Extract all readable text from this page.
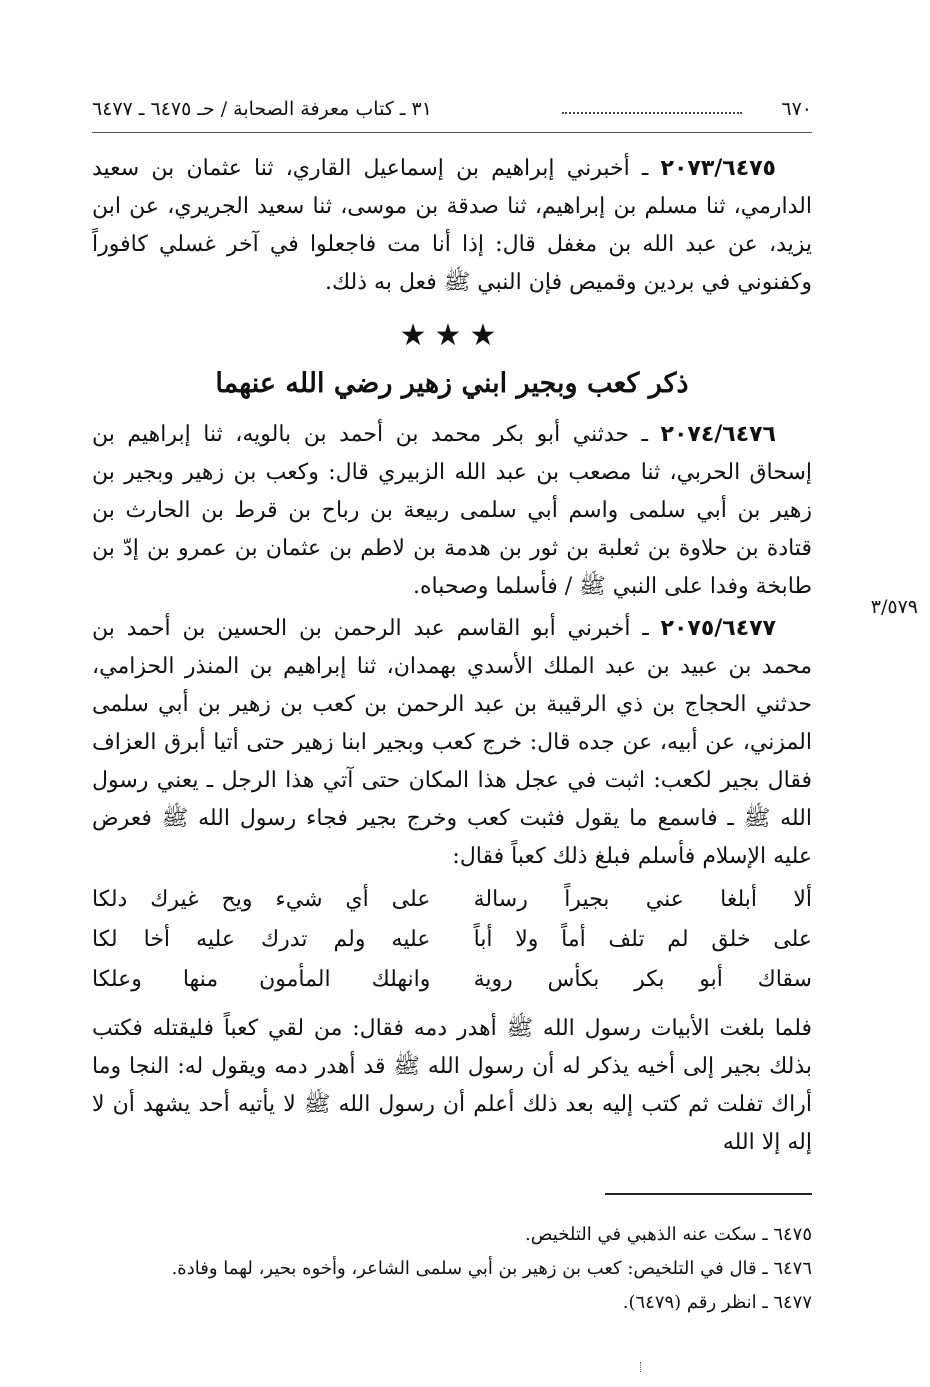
٦٧٠
٣١ ـ كتاب معرفة الصحابة / حـ ٦٤٧٥ ـ ٦٤٧٧

٢٠٧٣/٦٤٧٥ ـ أخبرني إبراهيم بن إسماعيل القاري، ثنا عثمان بن سعيد الدارمي، ثنا مسلم بن إبراهيم، ثنا صدقة بن موسى، ثنا سعيد الجريري، عن ابن يزيد، عن عبد الله بن مغفل قال: إذا أنا مت فاجعلوا في آخر غسلي كافوراً وكفنوني في بردين وقميص فإن النبي ﷺ فعل به ذلك.

★★★
ذكر كعب وبجير ابني زهير رضي الله عنهما

٢٠٧٤/٦٤٧٦ ـ حدثني أبو بكر محمد بن أحمد بن بالويه، ثنا إبراهيم بن إسحاق الحربي، ثنا مصعب بن عبد الله الزبيري قال: وكعب بن زهير وبجير بن زهير بن أبي سلمى واسم أبي سلمى ربيعة بن رباح بن قرط بن الحارث بن قتادة بن حلاوة بن ثعلبة بن ثور بن هدمة بن لاطم بن عثمان بن عمرو بن إدّ بن طابخة وفدا على النبي ﷺ / فأسلما وصحباه.

٢٠٧٥/٦٤٧٧ ـ أخبرني أبو القاسم عبد الرحمن بن الحسين بن أحمد بن محمد بن عبيد بن عبد الملك الأسدي بهمدان، ثنا إبراهيم بن المنذر الحزامي، حدثني الحجاج بن ذي الرقيبة بن عبد الرحمن بن كعب بن زهير بن أبي سلمى المزني، عن أبيه، عن جده قال: خرج كعب وبجير ابنا زهير حتى أتيا أبرق العزاف فقال بجير لكعب: اثبت في عجل هذا المكان حتى آتي هذا الرجل ـ يعني رسول الله ﷺ ـ فاسمع ما يقول فثبت كعب وخرج بجير فجاء رسول الله ﷺ فعرض عليه الإسلام فأسلم فبلغ ذلك كعباً فقال:

ألا أبلغا عني بجيراً رسالة
على أي شيء ويح غيرك دلكا
على خلق لم تلف أماً ولا أباً
عليه ولم تدرك عليه أخا لكا
سقاك أبو بكر بكأس روية
وانهلك المأمون منها وعلكا

فلما بلغت الأبيات رسول الله ﷺ أهدر دمه فقال: من لقي كعباً فليقتله فكتب بذلك بجير إلى أخيه يذكر له أن رسول الله ﷺ قد أهدر دمه ويقول له: النجا وما أراك تفلت ثم كتب إليه بعد ذلك أعلم أن رسول الله ﷺ لا يأتيه أحد يشهد أن لا إله إلا الله

٣/٥٧٩
٦٤٧٥ ـ سكت عنه الذهبي في التلخيص.
٦٤٧٦ ـ قال في التلخيص: كعب بن زهير بن أبي سلمى الشاعر، وأخوه بحير، لهما وفادة.
٦٤٧٧ ـ انظر رقم (٦٤٧٩).
